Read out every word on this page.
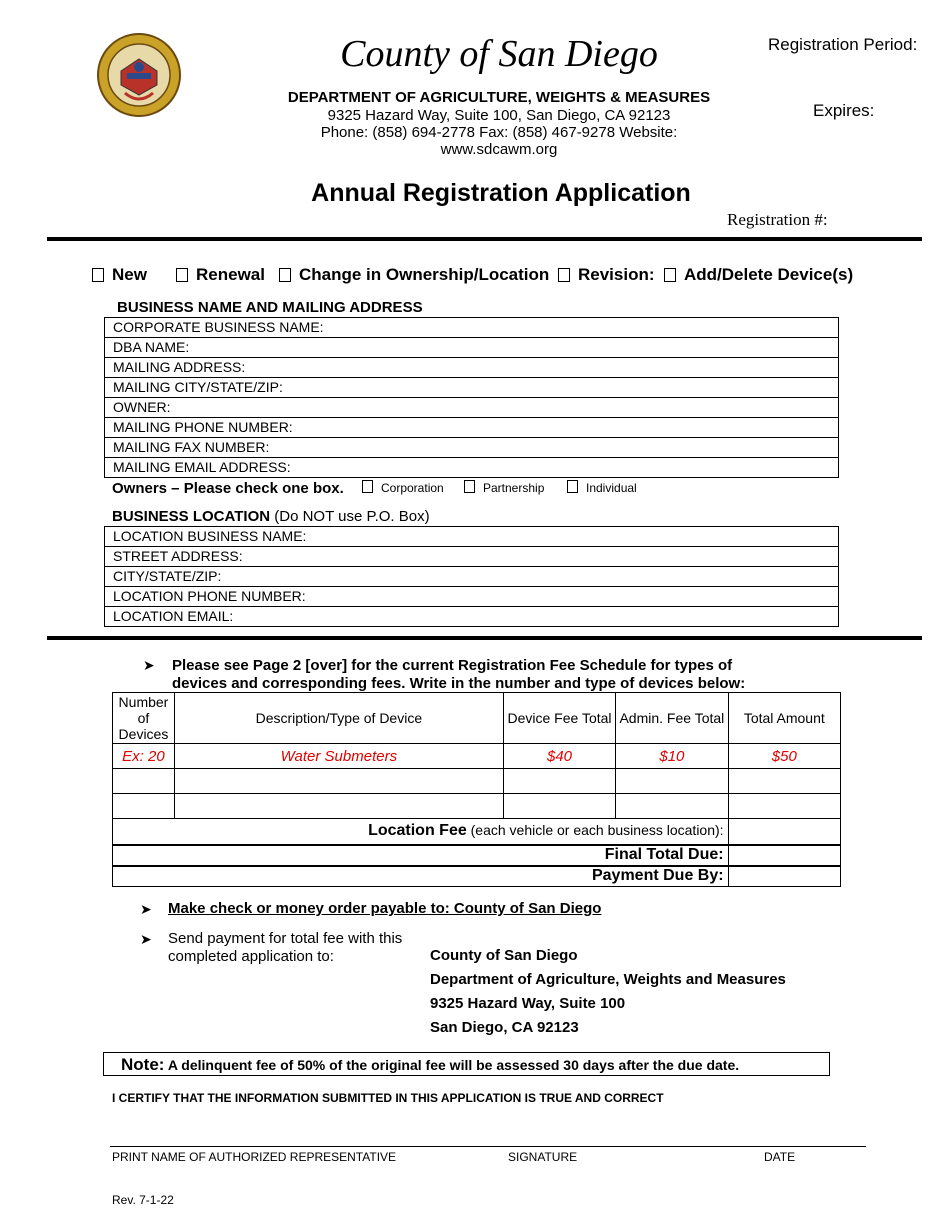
County of San Diego
DEPARTMENT OF AGRICULTURE, WEIGHTS & MEASURES
9325 Hazard Way, Suite 100, San Diego, CA 92123
Phone: (858) 694-2778 Fax: (858) 467-9278 Website:
www.sdcawm.org
Registration Period:
Expires:
Annual Registration Application
Registration #:
New	Renewal Change in Ownership/Location Revision: Add/Delete Device(s)
BUSINESS NAME AND MAILING ADDRESS
CORPORATE BUSINESS NAME:
DBA NAME:
MAILING ADDRESS:
MAILING CITY/STATE/ZIP:
OWNER:
MAILING PHONE NUMBER:
MAILING FAX NUMBER:
MAILING EMAIL ADDRESS:
Owners – Please check one box.	Corporation	Partnership	Individual
BUSINESS LOCATION (Do NOT use P.O. Box)
LOCATION BUSINESS NAME:
STREET ADDRESS:
CITY/STATE/ZIP:
LOCATION PHONE NUMBER:
LOCATION EMAIL:
➤ Please see Page 2 [over] for the current Registration Fee Schedule for types of
devices and corresponding fees. Write in the number and type of devices below:
Number
of
Devices	Description/Type of Device	Device Fee Total	Admin. Fee Total	Total Amount
Ex: 20	Water Submeters	$40	$10	$50

Location Fee (each vehicle or each business location):				
Final Total Due:				
Payment Due By:				
➤ Make check or money order payable to: County of San Diego
➤ Send payment for total fee with this
completed application to:	County of San Diego
Department of Agriculture, Weights and Measures
9325 Hazard Way, Suite 100
San Diego, CA 92123
Note: A delinquent fee of 50% of the original fee will be assessed 30 days after the due date.
I CERTIFY THAT THE INFORMATION SUBMITTED IN THIS APPLICATION IS TRUE AND CORRECT
PRINT NAME OF AUTHORIZED REPRESENTATIVE	SIGNATURE	DATE
Rev. 7-1-22
